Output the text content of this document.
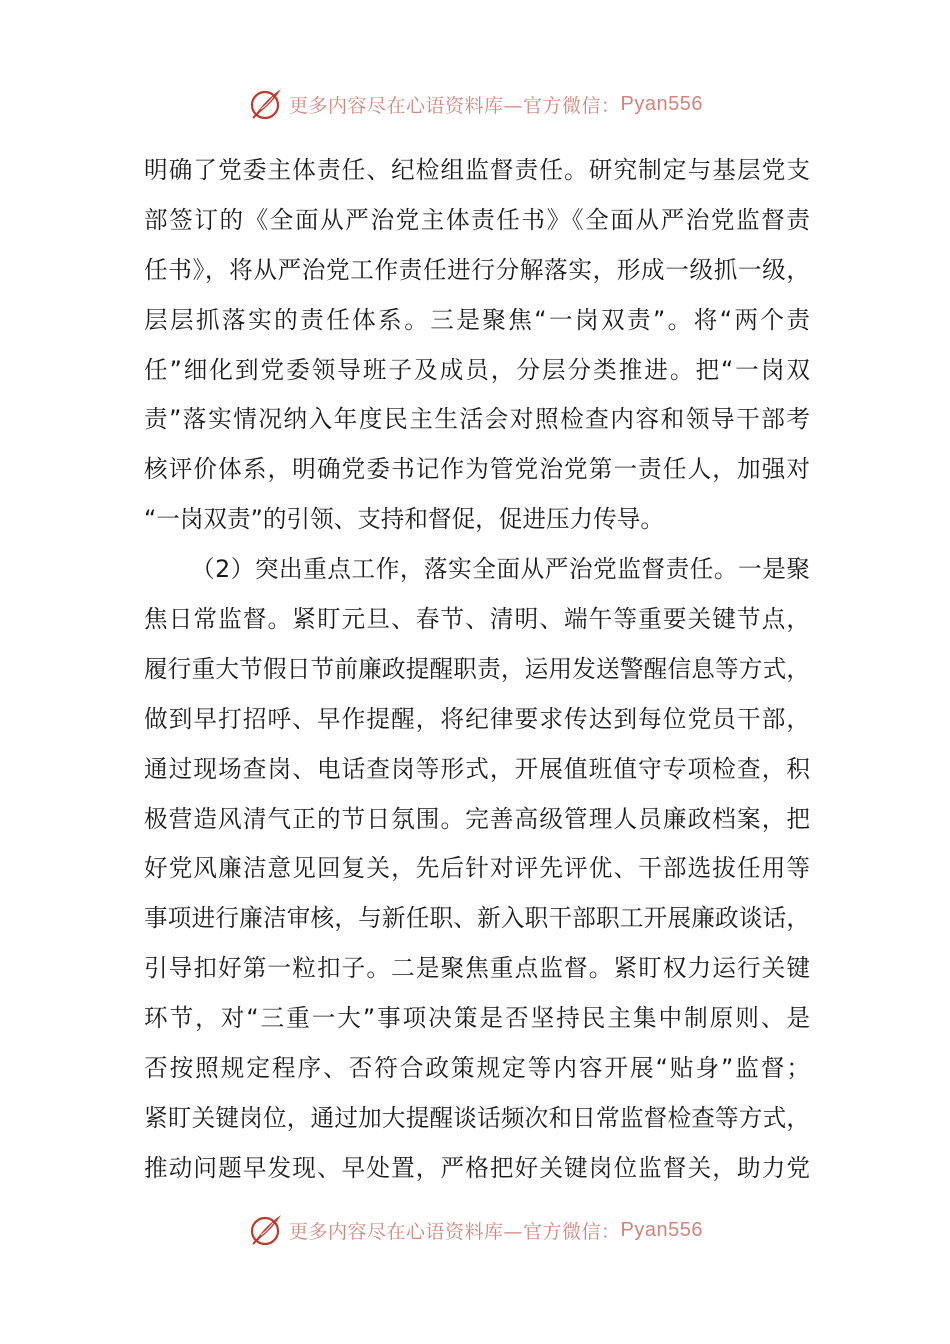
更多内容尽在心语资料库—官方微信： Pyan556
明确了党委主体责任、纪检组监督责任。研究制定与基层党支
部签订的《全面从严治党主体责任书》《全面从严治党监督责
任书》，将从严治党工作责任进行分解落实，形成一级抓一级，
层层抓落实的责任体系。三是聚焦“一岗双责”。将“两个责
任”细化到党委领导班子及成员，分层分类推进。把“一岗双
责”落实情况纳入年度民主生活会对照检查内容和领导干部考
核评价体系，明确党委书记作为管党治党第一责任人，加强对
“一岗双责”的引领、支持和督促，促进压力传导。
（2）突出重点工作，落实全面从严治党监督责任。一是聚
焦日常监督。紧盯元旦、春节、清明、端午等重要关键节点，
履行重大节假日节前廉政提醒职责，运用发送警醒信息等方式，
做到早打招呼、早作提醒，将纪律要求传达到每位党员干部，
通过现场查岗、电话查岗等形式，开展值班值守专项检查，积
极营造风清气正的节日氛围。完善高级管理人员廉政档案，把
好党风廉洁意见回复关，先后针对评先评优、干部选拔任用等
事项进行廉洁审核，与新任职、新入职干部职工开展廉政谈话，
引导扣好第一粒扣子。二是聚焦重点监督。紧盯权力运行关键
环节，对“三重一大”事项决策是否坚持民主集中制原则、是
否按照规定程序、否符合政策规定等内容开展“贴身”监督；
紧盯关键岗位，通过加大提醒谈话频次和日常监督检查等方式，
推动问题早发现、早处置，严格把好关键岗位监督关，助力党
更多内容尽在心语资料库—官方微信： Pyan556
